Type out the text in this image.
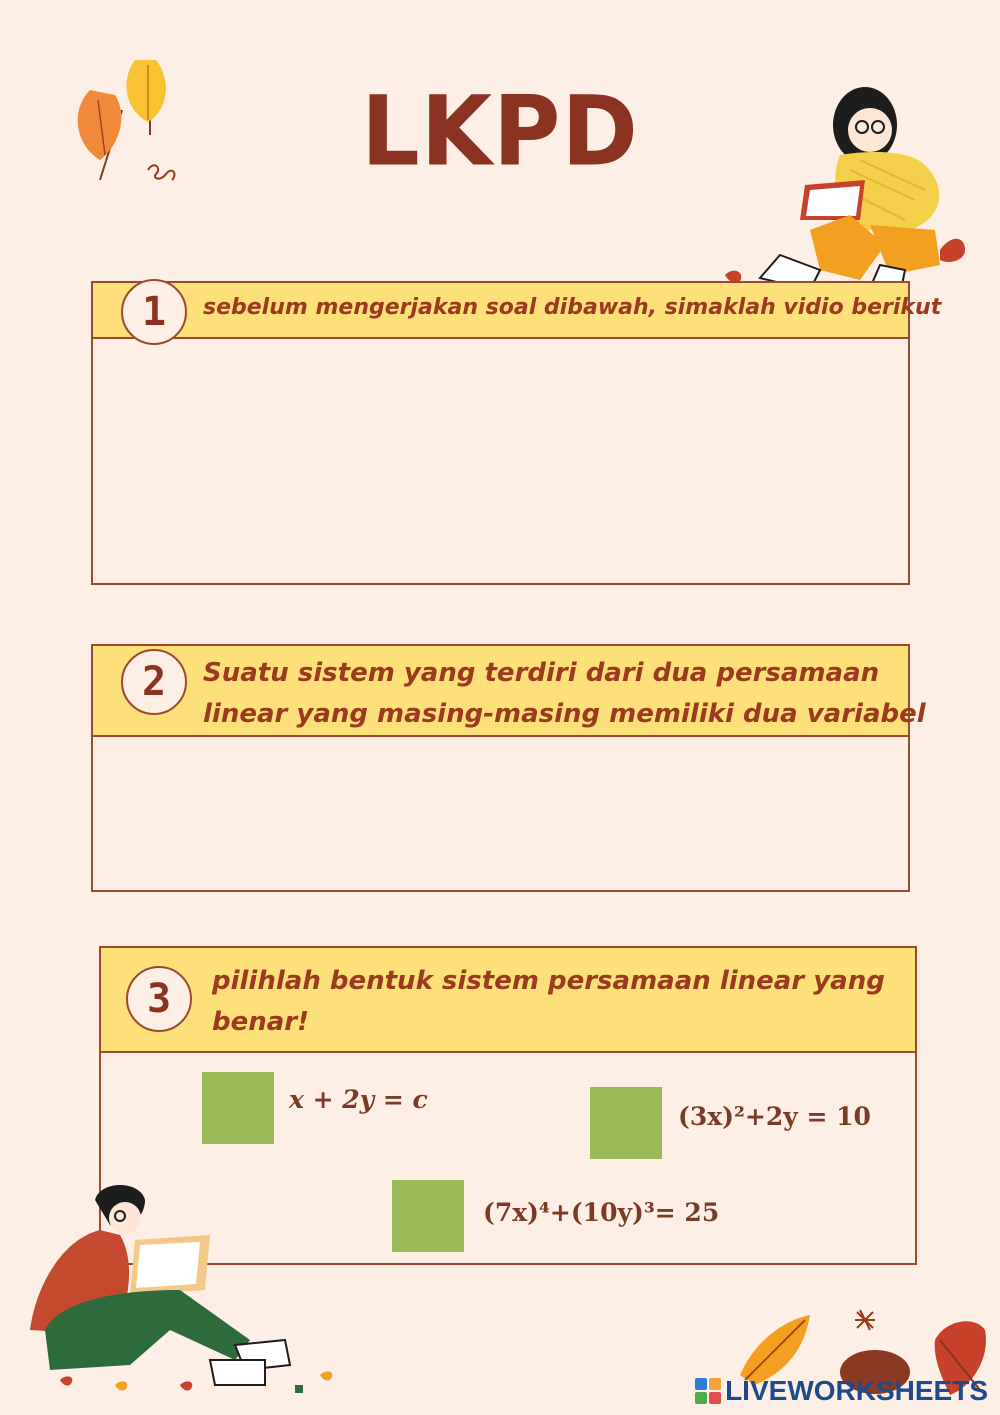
LKPD
sebelum mengerjakan soal dibawah, simaklah vidio berikut
1
Suatu sistem yang terdiri dari dua persamaan
linear yang masing-masing memiliki dua variabel
2
pilihlah bentuk sistem persamaan linear yang
benar!
3
x + 2y = c
(3x)²+2y = 10
(7x)⁴+(10y)³= 25
LIVEWORKSHEETS
